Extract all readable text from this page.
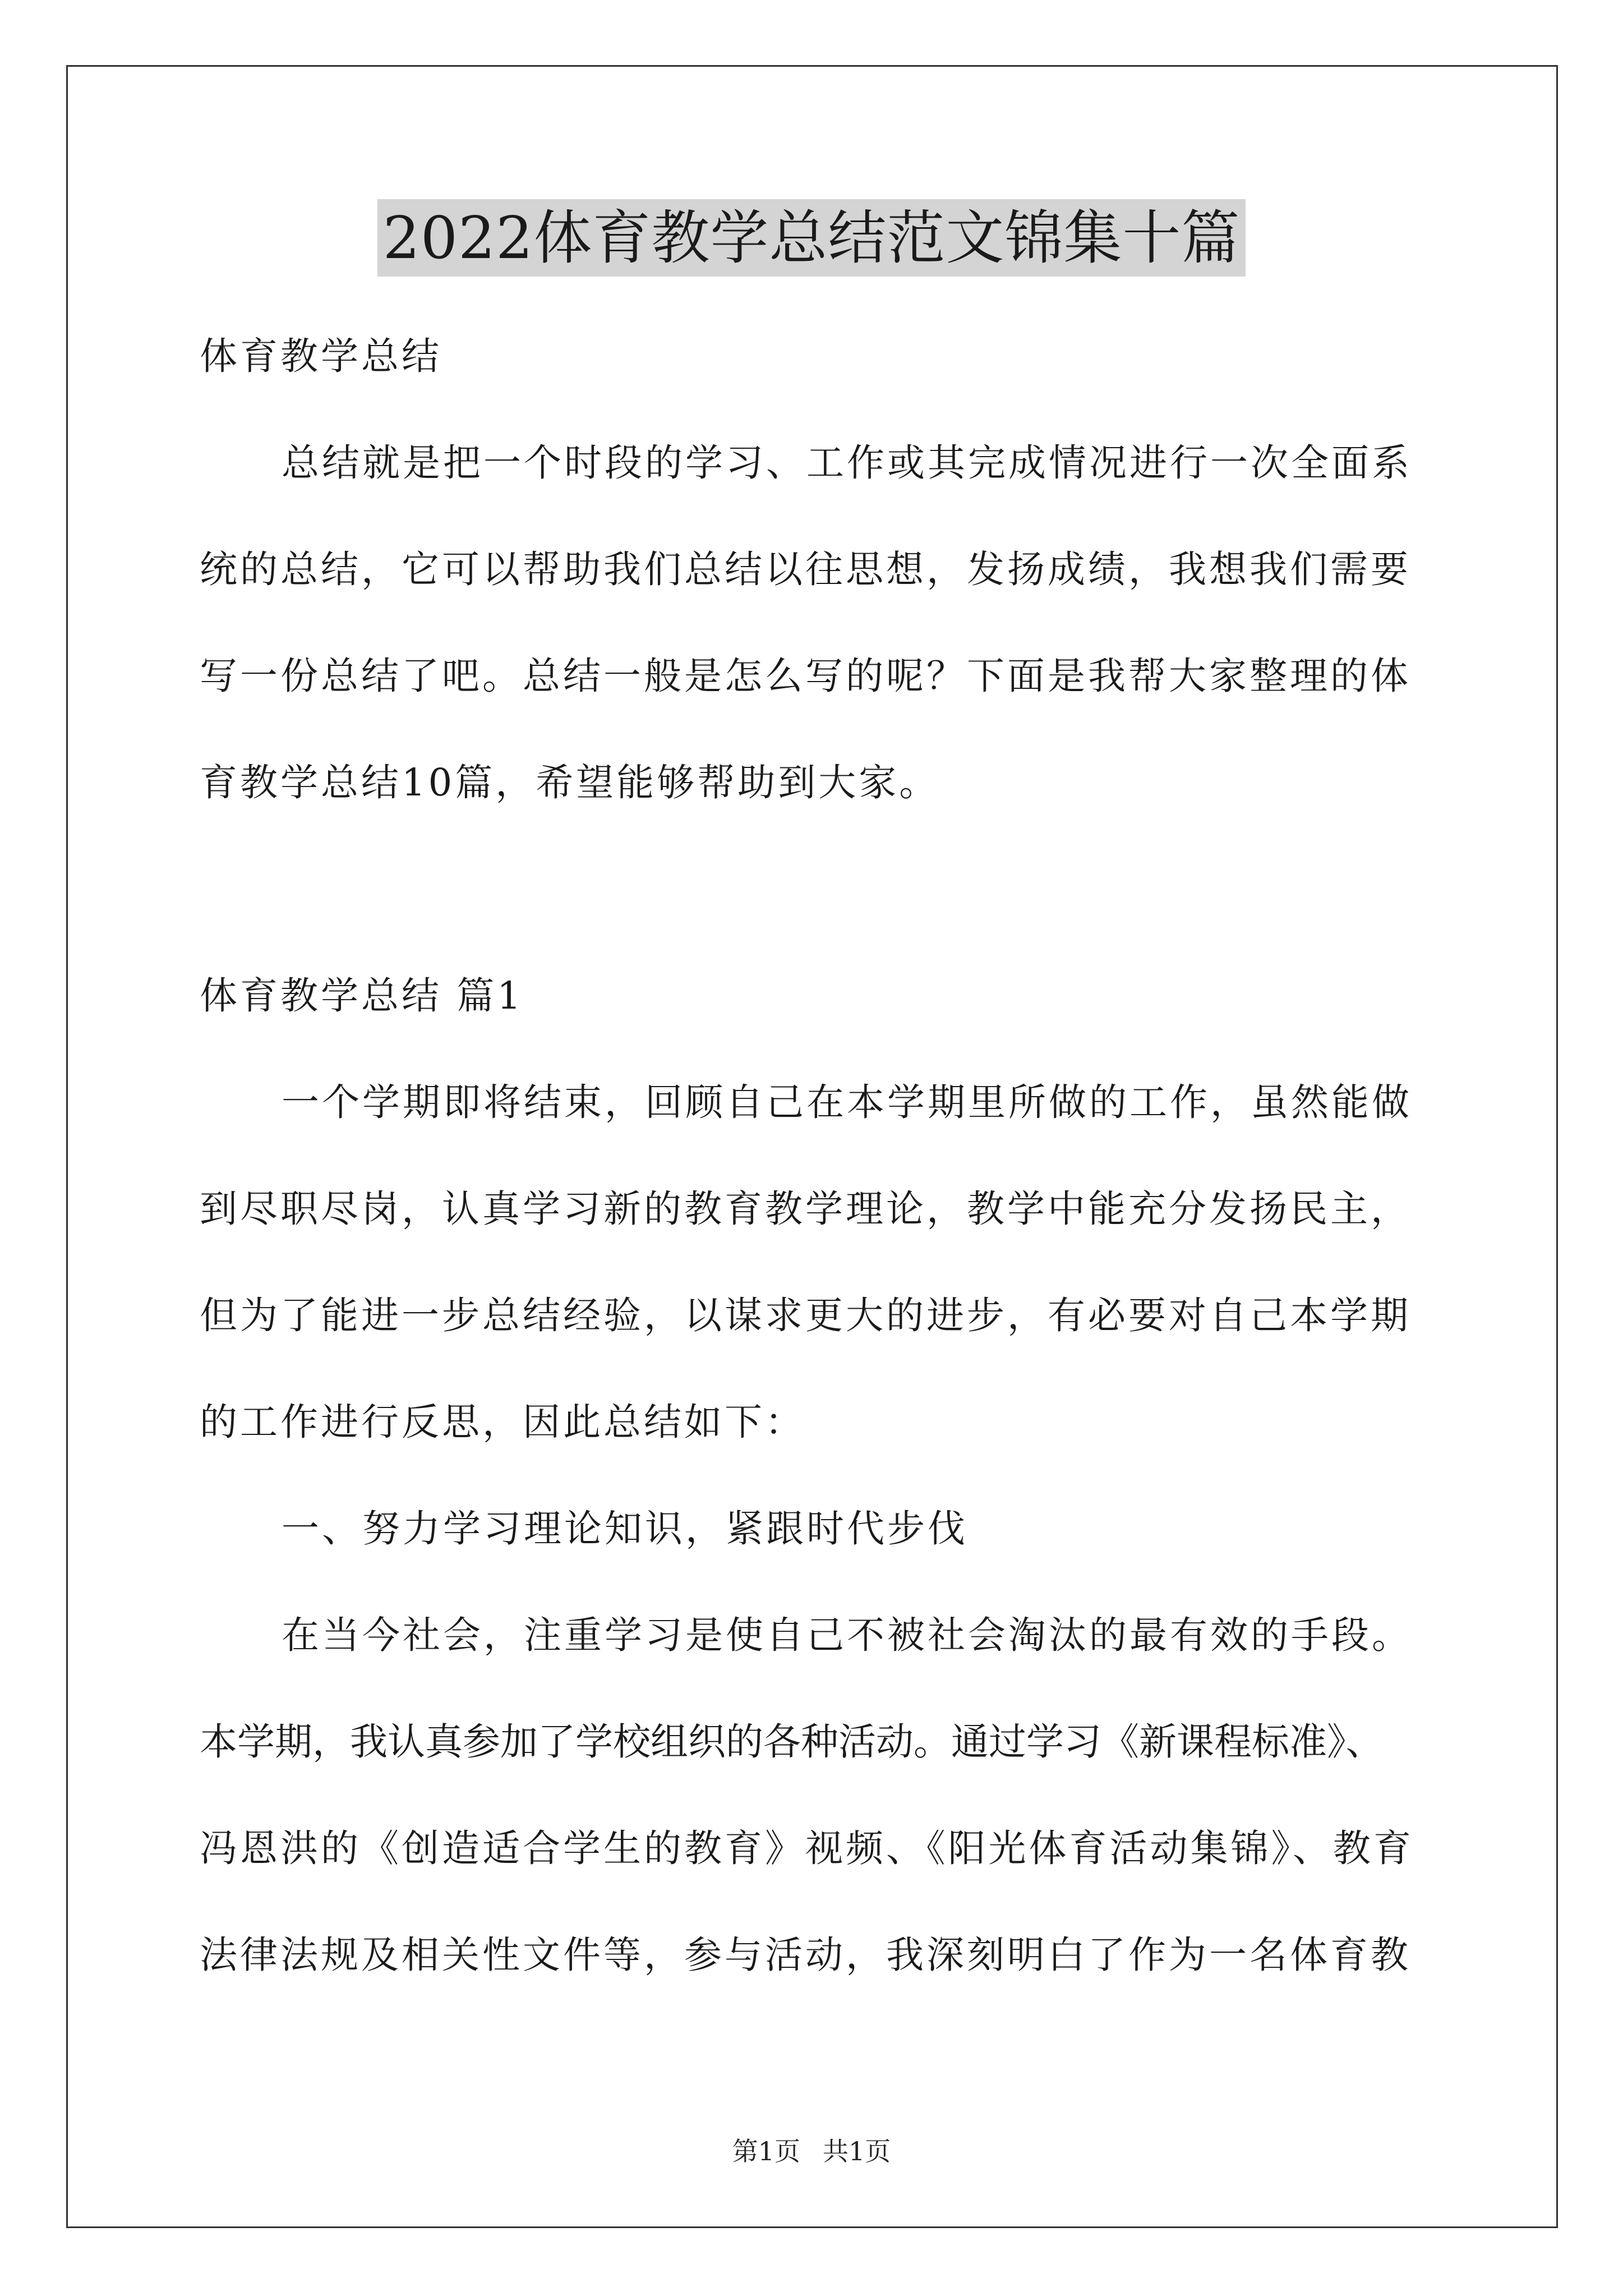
2022体育教学总结范文锦集十篇
体育教学总结
总结就是把一个时段的学习、工作或其完成情况进行一次全面系
统的总结，它可以帮助我们总结以往思想，发扬成绩，我想我们需要
写一份总结了吧。总结一般是怎么写的呢？下面是我帮大家整理的体
育教学总结10篇，希望能够帮助到大家。
体育教学总结 篇1
一个学期即将结束，回顾自己在本学期里所做的工作，虽然能做
到尽职尽岗，认真学习新的教育教学理论，教学中能充分发扬民主，
但为了能进一步总结经验，以谋求更大的进步，有必要对自己本学期
的工作进行反思，因此总结如下：
一、努力学习理论知识，紧跟时代步伐
在当今社会，注重学习是使自己不被社会淘汰的最有效的手段。
本学期，我认真参加了学校组织的各种活动。通过学习《新课程标准》、
冯恩洪的《创造适合学生的教育》视频、《阳光体育活动集锦》、教育
法律法规及相关性文件等，参与活动，我深刻明白了作为一名体育教
第1页 共1页
